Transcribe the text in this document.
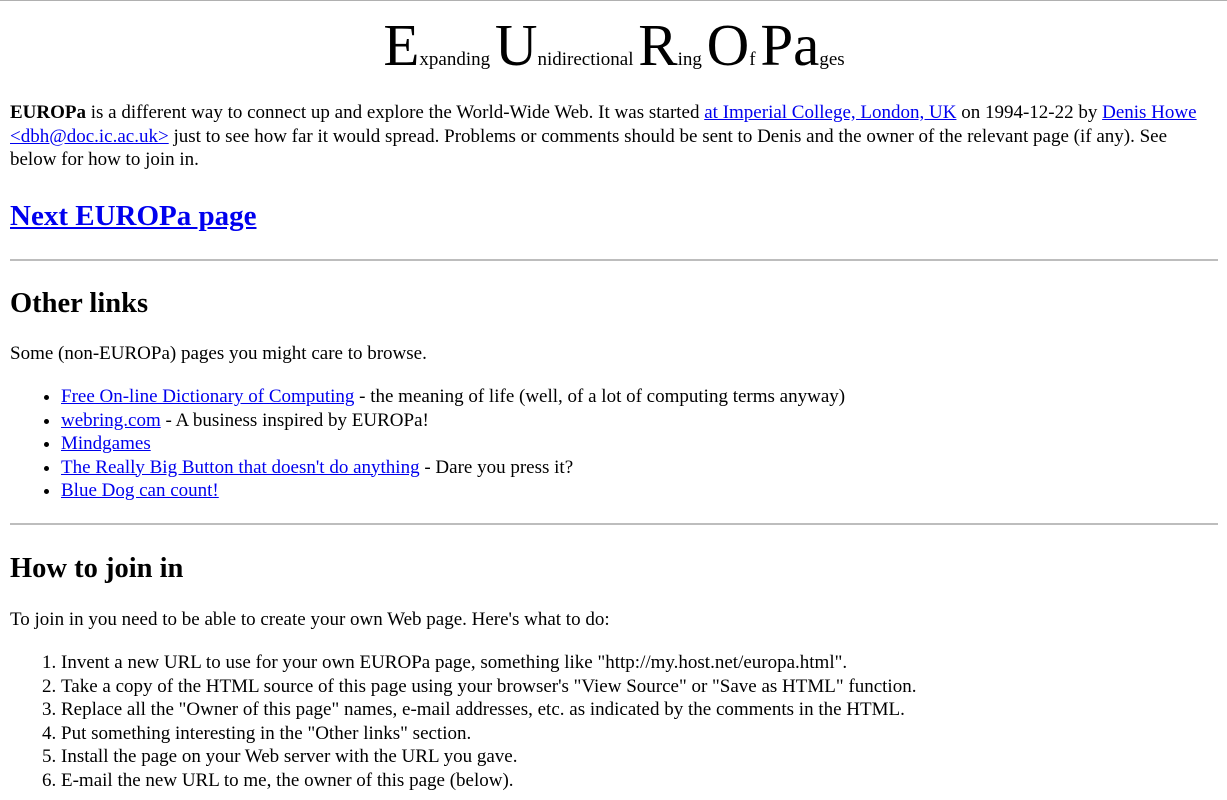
Expanding Unidirectional Ring Of Pages

EUROPa is a different way to connect up and explore the World-Wide Web. It was started at Imperial College, London, UK on 1994-12-22 by Denis Howe <dbh@doc.ic.ac.uk> just to see how far it would spread. Problems or comments should be sent to Denis and the owner of the relevant page (if any). See below for how to join in.

Next EUROPa page
Other links

Some (non-EUROPa) pages you might care to browse.

• Free On-line Dictionary of Computing - the meaning of life (well, of a lot of computing terms anyway)
• webring.com - A business inspired by EUROPa!
• Mindgames
• The Really Big Button that doesn't do anything - Dare you press it?
• Blue Dog can count!
How to join in

To join in you need to be able to create your own Web page. Here's what to do:

1. Invent a new URL to use for your own EUROPa page, something like "http://my.host.net/europa.html".
2. Take a copy of the HTML source of this page using your browser's "View Source" or "Save as HTML" function.
3. Replace all the "Owner of this page" names, e-mail addresses, etc. as indicated by the comments in the HTML.
4. Put something interesting in the "Other links" section.
5. Install the page on your Web server with the URL you gave.
6. E-mail the new URL to me, the owner of this page (below).
